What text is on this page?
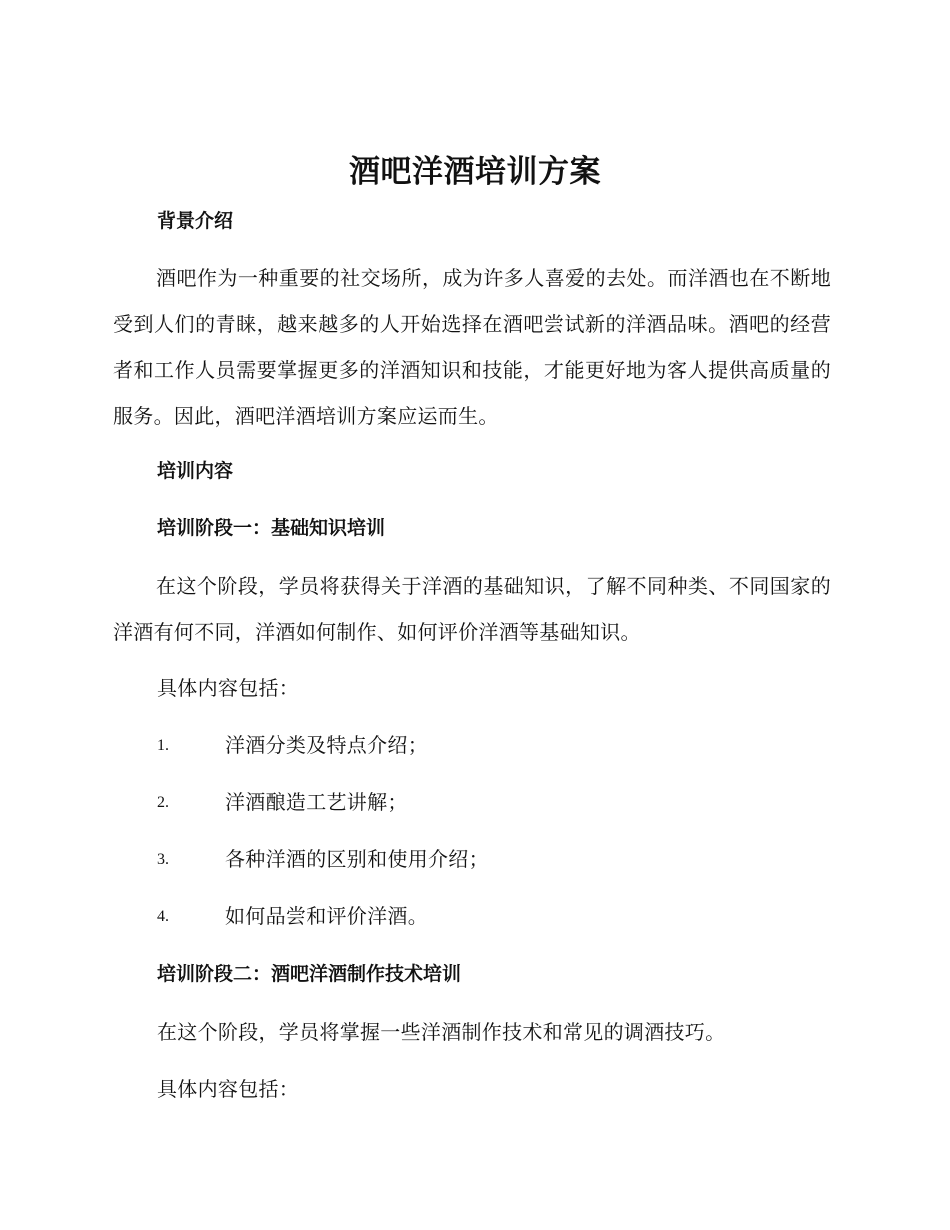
酒吧洋酒培训方案
背景介绍
酒吧作为一种重要的社交场所，成为许多人喜爱的去处。而洋酒也在不断地受到人们的青睐，越来越多的人开始选择在酒吧尝试新的洋酒品味。酒吧的经营者和工作人员需要掌握更多的洋酒知识和技能，才能更好地为客人提供高质量的服务。因此，酒吧洋酒培训方案应运而生。
培训内容
培训阶段一：基础知识培训
在这个阶段，学员将获得关于洋酒的基础知识，了解不同种类、不同国家的洋酒有何不同，洋酒如何制作、如何评价洋酒等基础知识。
具体内容包括：
1.	洋酒分类及特点介绍；
2.	洋酒酿造工艺讲解；
3.	各种洋酒的区别和使用介绍；
4.	如何品尝和评价洋酒。
培训阶段二：酒吧洋酒制作技术培训
在这个阶段，学员将掌握一些洋酒制作技术和常见的调酒技巧。
具体内容包括：
